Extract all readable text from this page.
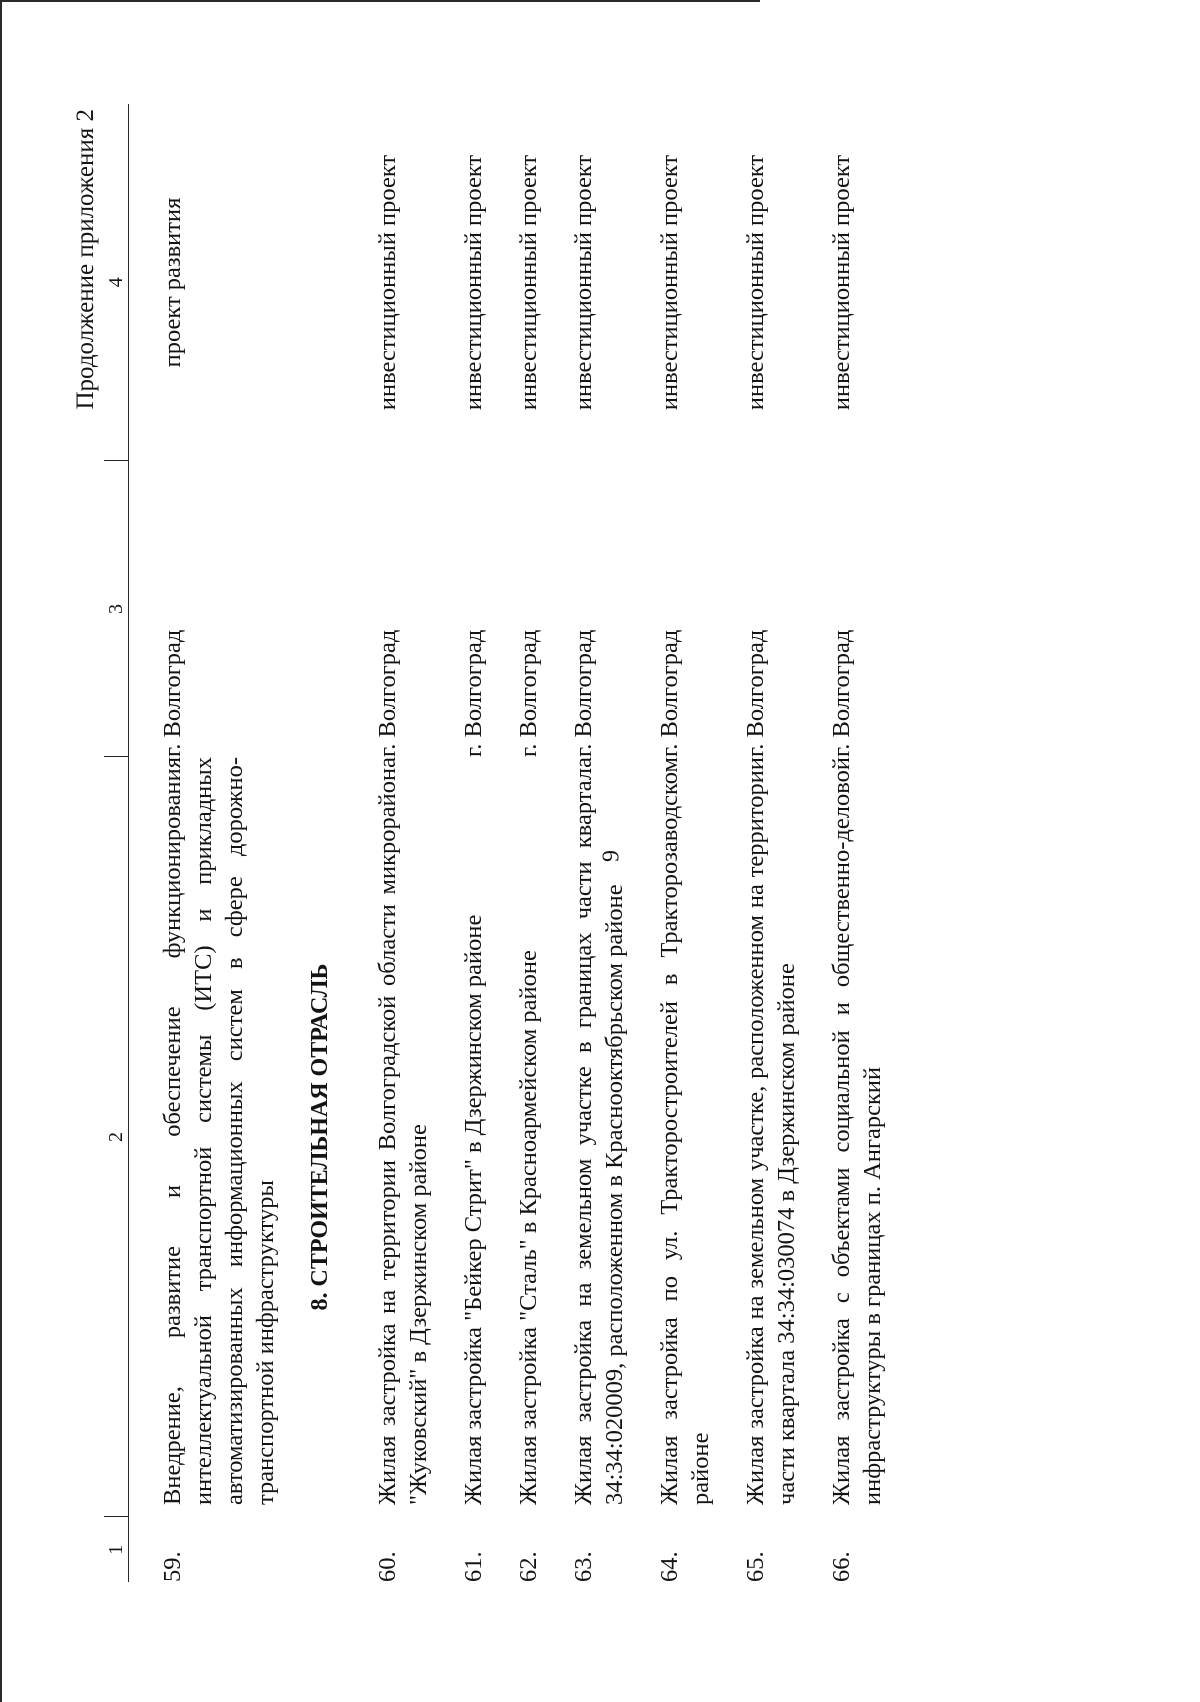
9
Продолжение приложения 2
1	2	3	4

59.	Внедрение, развитие и обеспечение функционирования интеллектуальной транспортной системы (ИТС) и прикладных автоматизированных информационных систем в сфере дорожно-транспортной инфраструктуры	г. Волгоград	проект развития
	8. СТРОИТЕЛЬНАЯ ОТРАСЛЬ		
60.	Жилая застройка на территории Волгоградской области микрорайона "Жуковский" в Дзержинском районе	г. Волгоград	инвестиционный проект
61.	Жилая застройка "Бейкер Стрит" в Дзержинском районе	г. Волгоград	инвестиционный проект
62.	Жилая застройка "Сталь" в Красноармейском районе	г. Волгоград	инвестиционный проект
63.	Жилая застройка на земельном участке в границах части квартала 34:34:020009, расположенном в Краснооктябрьском районе	г. Волгоград	инвестиционный проект
64.	Жилая застройка по ул. Тракторостроителей в Тракторозаводском районе	г. Волгоград	инвестиционный проект
65.	Жилая застройка на земельном участке, расположенном на территории части квартала 34:34:030074 в Дзержинском районе	г. Волгоград	инвестиционный проект
66.	Жилая застройка с объектами социальной и общественно-деловой инфраструктуры в границах п. Ангарский	г. Волгоград	инвестиционный проект
